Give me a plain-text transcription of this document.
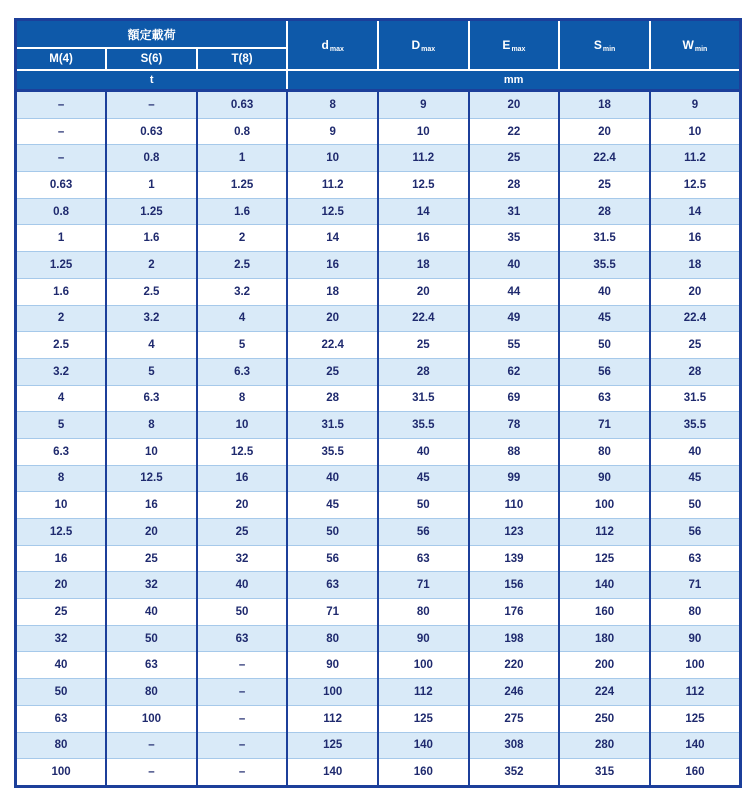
額定載荷			$d_{max}$	$D_{max}$	$E_{max}$	$S_{min}$	$W_{min}$
M(4)	S(6)	T(8)					
t			mm				
–	–	0.63	8	9	20	18	9
–	0.63	0.8	9	10	22	20	10
–	0.8	1	10	11.2	25	22.4	11.2
0.63	1	1.25	11.2	12.5	28	25	12.5
0.8	1.25	1.6	12.5	14	31	28	14
1	1.6	2	14	16	35	31.5	16
1.25	2	2.5	16	18	40	35.5	18
1.6	2.5	3.2	18	20	44	40	20
2	3.2	4	20	22.4	49	45	22.4
2.5	4	5	22.4	25	55	50	25
3.2	5	6.3	25	28	62	56	28
4	6.3	8	28	31.5	69	63	31.5
5	8	10	31.5	35.5	78	71	35.5
6.3	10	12.5	35.5	40	88	80	40
8	12.5	16	40	45	99	90	45
10	16	20	45	50	110	100	50
12.5	20	25	50	56	123	112	56
16	25	32	56	63	139	125	63
20	32	40	63	71	156	140	71
25	40	50	71	80	176	160	80
32	50	63	80	90	198	180	90
40	63	–	90	100	220	200	100
50	80	–	100	112	246	224	112
63	100	–	112	125	275	250	125
80	–	–	125	140	308	280	140
100	–	–	140	160	352	315	160
